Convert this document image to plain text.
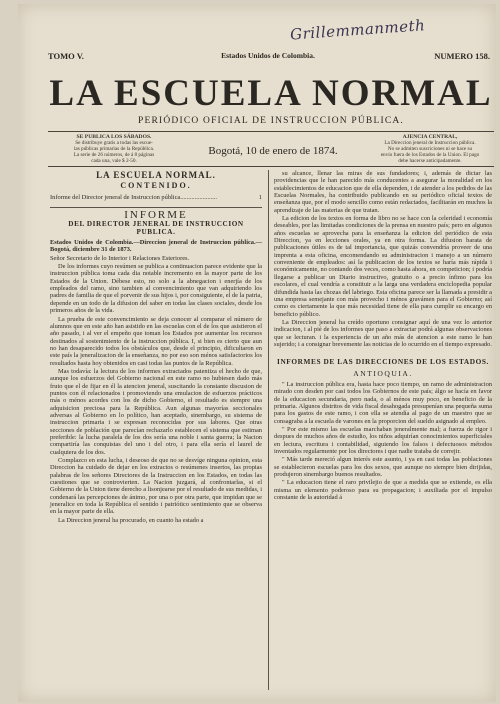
Grillemmanmeth
TOMO V.	Estados Unidos de Colombia.	NUMERO 158.
LA ESCUELA NORMAL
PERIÓDICO OFICIAL DE INSTRUCCION PÚBLICA.
SE PUBLICA LOS SÁBADOS.
Se distribuye gratis a todas las escue-
las públicas primarias de la República.
La serie de 26 números, de á 8 páginas
cada una, vale $ 2-50.
Bogotá, 10 de enero de 1874.
AJENCIA CENTRAL,
La Direccion jeneral de Instruccion pública.
No se admiten suscriciones ni se hace su
envío fuera de los Estados de la Union. El pago
debe hacerse anticipadamente.
LA ESCUELA NORMAL.
CONTENIDO.
Informe del Director jeneral de Instruccion pública.......................	1
INFORME
DEL DIRECTOR JENERAL DE INSTRUCCION PUBLICA.

Estados Unidos de Colombia.—Direccion jeneral de Instruccion pública.—Bogotá, diciembre 31 de 1873.

Señor Secretario de lo Interior i Relaciones Esteriores.

De los informes cuyo resúmen se publica a continuacion parece evidente que la instruccion pública toma cada dia notable incremento en la mayor parte de los Estados de la Union. Débese esto, no solo a la abnegacion i enerjía de los empleados del ramo, sino tambien al convencimiento que van adquiriendo los padres de familia de que el porvenir de sus hijos i, por consiguiente, el de la patria, depende en un todo de la difusion del saber en todas las clases sociales, desde los primeros años de la vida.

La prueba de este convencimiento se deja conocer al comparar el número de alumnos que en este año han asistido en las escuelas con el de los que asistieron el año pasado, i al ver el empeño que toman los Estados por aumentar los recursos destinados al sostenimiento de la instruccion pública. I, si bien es cierto que aun no han desaparecido todos los obstáculos que, desde el principio, dificultaron en este país la jeneralizacion de la enseñanza, no por eso son ménos satisfactorios los resultados hasta hoy obtenidos en casi todas las puntos de la República.

Mas todavía: la lectura de los informes extractados patentiza el hecho de que, aunque los esfuerzos del Gobierno nacional en este ramo no hubiesen dado más fruto que el de fijar en él la atencion jeneral, suscitando la constante discusion de puntos con él relacionados i promoviendo una emulacion de esfuerzos prácticos más o ménos acordes con los de dicho Gobierno, el resultado es siempre una adquisicion preciosa para la República. Aun algunas mayorías seccionales adversas al Gobierno en lo político, han aceptado, sinembargo, su sistema de instruccion primaria i se expresan reconocidas por sus labores. Que otras secciones de población que parecían rechazarlo establecen el sistema que estiman preferible: la lucha paralela de los dos sería una noble i santa guerra; la Nacion compartiría las conquistas del uno i del otro, i para ella sería el laurel de cualquiera de los dos.

Complazco en esta lucha, i deseoso de que no se desvíge ninguna opinion, esta Direccion ha cuidado de dejar en los extractos o resúmenes insertos, las propias palabras de los señores Directores de la Instruccion en los Estados, en todas las cuestiones que se controvierten. La Nacion juzgará, al confrontarlas, si el Gobierno de la Union tiene derecho a lisonjearse por el resultado de sus medidas, i condenará las percepciones de ánimo, por una o por otra parte, que impidan que se jeneralice en toda la República el sentido i patriótico sentimiento que se observa en la mayor parte de ella.

La Direccion jeneral ha procurado, en cuanto ha estado a

su alcance, llenar las miras de sus fundadores; i, además de dictar las providencias que le han parecido más conducentes a asegurar la moralidad en los establecimientos de educacion que de ella dependen, i de atender a los pedidos de las Escuelas Normales, ha contribuido publicando en su periódico oficial textos de enseñanza que, por el modo sencillo como están redactados, facilitarán en muchos la aprendizaje de las materias de que tratan.

La edicion de los textos en forma de libro no se hace con la celeridad i economía deseables, por las limitadas condiciones de la prensa en nuestro país; pero en algunos años escuelas se aprovecha para la enseñanza la edicion del periódico de esta Direccion, ya en lecciones orales, ya en otra forma. La difusion barata de publicaciones útiles es de tal importancia, que quizás convendría proveer de una imprenta a esta oficina, encomendando su administracion i manejo a un número conveniente de empleados: así la publicacion de los textos se haría más rápida i económicamente, no contando dos veces, como hasta ahora, en competicion; i podría llegarse a publicar un Diario instructivo, gratuito o a precio ínfimo para los escolares, el cual vendría a constituir a la larga una verdadera enciclopedia popular difundida hasta las chozas del labriego. Esta oficina parece ser la llamada a presidir a una empresa semejante con más provecho i ménos gravámen para el Gobierno; así como es ciertamente la que más necesidad tiene de ella para cumplir su encargo en beneficio público.

La Direccion jeneral ha creído oportuno consignar aquí de una vez lo anterior indicacion, i al pié de los informes que paso a extractar podrá algunas observaciones que se lecturan. i la experiencia de un año más de atencion a este ramo le han sujerido; i a consignar brevemente las noticias de lo ocurrido en el tiempo expresado.

INFORMES DE LAS DIRECCIONES DE LOS ESTADOS.
ANTIOQUIA.

" La instruccion pública era, hasta hace poco tiempo, un ramo de administracion mirado con desden por casi todos los Gobiernos de este país; álgo se hacía en favor de la educacion secundaria, pero nada, o al ménos muy poco, en beneficio de la primaria. Algunos distritos de vida fiscal desahogada presupenían una pequeña suma para los gastos de este ramo, i con ella se atendía al pago de un maestro que se consagraba a la escuela de varones en la proporcion del sueldo asignado al empleo.

" Por este mismo las escuelas marchaban jeneralmente mal; a fuerza de rigor i despues de muchos años de estudio, los niños adquirían conocimientos superficiales en lectura, escritura i contabilidad, siguiendo los falsos i defectuosos métodos inventados regularmente por los directores i que nadie trataba de correjir.

" Más tarde mereció algun interés este asunto, i ya en casi todas las poblaciones se establecieron escuelas para los dos sexos, que aunque no siempre bien dirijidas, produjeron sinembargo buenos resultados.

" La educacion tiene el raro privilejio de que a medida que se extiende, es ella misma un elemento poderoso para su propagacion; i auxiliada por el impulso constante de la autoridad á
